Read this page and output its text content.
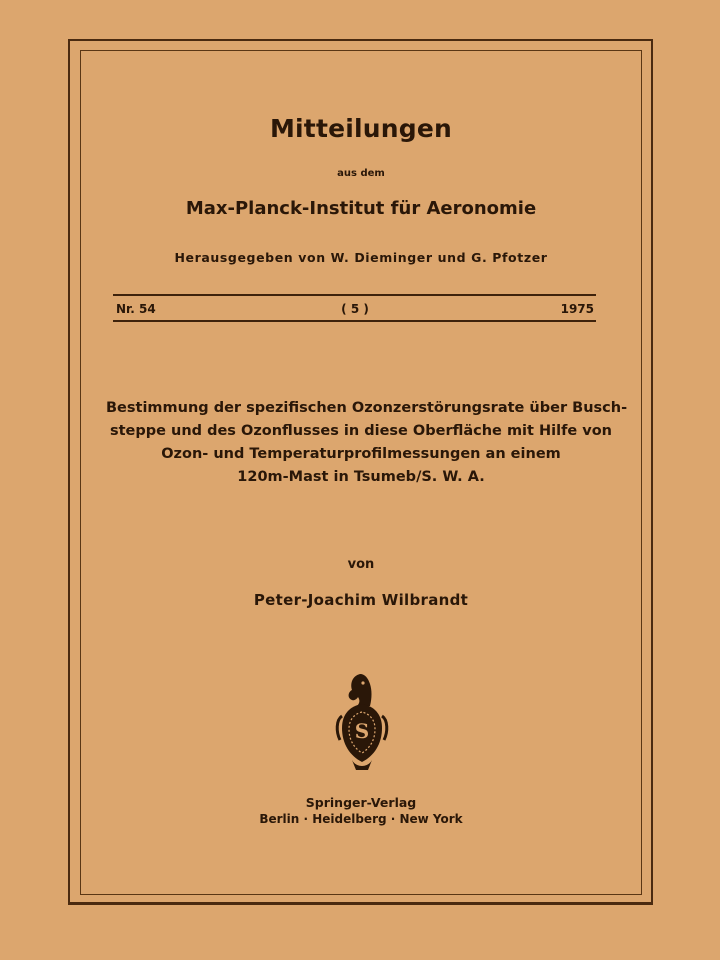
Mitteilungen
aus dem
Max-Planck-Institut für Aeronomie
Herausgegeben von W. Dieminger und G. Pfotzer
Nr. 54	( 5 )	1975
Bestimmung der spezifischen Ozonzerstörungsrate über Busch-
steppe und des Ozonflusses in diese Oberfläche mit Hilfe von
Ozon- und Temperaturprofilmessungen an einem
120m-Mast in Tsumeb/S. W. A.
von
Peter-Joachim Wilbrandt
S
Springer-Verlag
Berlin · Heidelberg · New York
